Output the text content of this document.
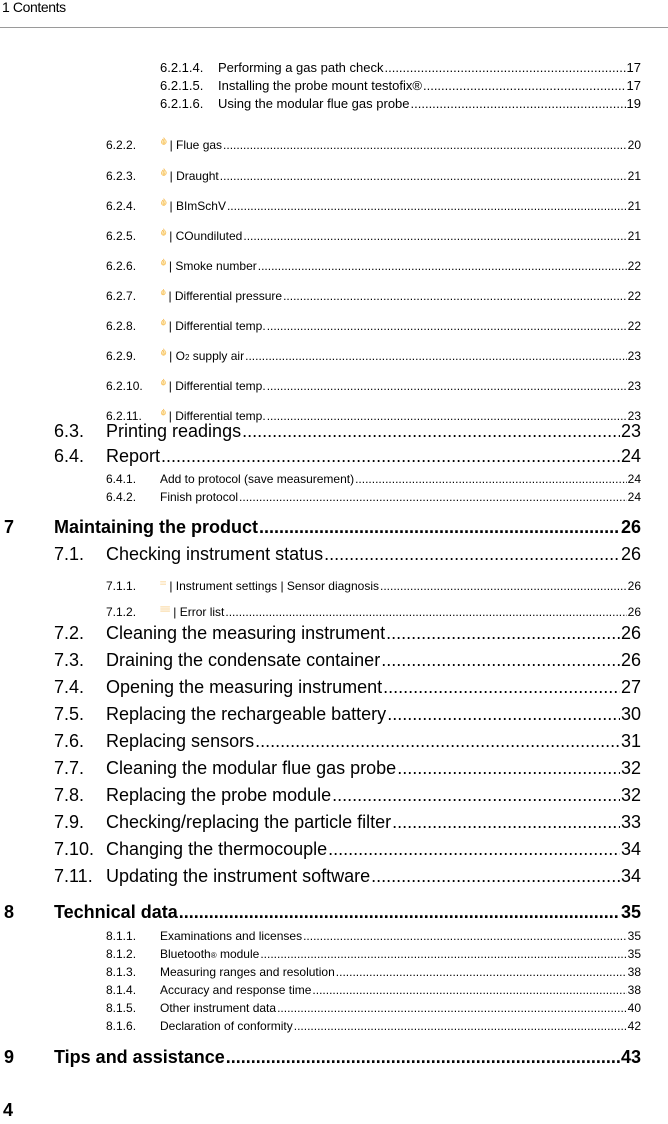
1 Contents
6.2.1.4.	Performing a gas path check .....	17
6.2.1.5.	Installing the probe mount testofix® .....	17
6.2.1.6.	Using the modular flue gas probe .....	19
6.2.2.	| Flue gas .....	20
6.2.3.	| Draught .....	21
6.2.4.	| BImSchV .....	21
6.2.5.	| COundiluted .....	21
6.2.6.	| Smoke number .....	22
6.2.7.	| Differential pressure .....	22
6.2.8.	| Differential temp. .....	22
6.2.9.	| O 2 supply air .....	23
6.2.10.	| Differential temp. .....	23
6.2.11.	| Differential temp. .....	23
6.3.	Printing readings .....	23
6.4.	Report .....	24
6.4.1.	Add to protocol (save measurement) .....	24
6.4.2.	Finish protocol .....	24
7	Maintaining the product .....	26
7.1.	Checking instrument status .....	26
7.1.1.	| Instrument settings | Sensor diagnosis .....	26
7.1.2.	| Error list .....	26
7.2.	Cleaning the measuring instrument .....	26
7.3.	Draining the condensate container .....	26
7.4.	Opening the measuring instrument .....	27
7.5.	Replacing the rechargeable battery .....	30
7.6.	Replacing sensors .....	31
7.7.	Cleaning the modular flue gas probe .....	32
7.8.	Replacing the probe module .....	32
7.9.	Checking/replacing the particle filter .....	33
7.10. Changing the thermocouple .....	34
7.11. Updating the instrument software .....	34
8	Technical data .....	35
8.1.1.	Examinations and licenses .....	35
8.1.2.	Bluetooth ® module .....	35
8.1.3.	Measuring ranges and resolution .....	38
8.1.4.	Accuracy and response time .....	38
8.1.5.	Other instrument data .....	40
8.1.6.	Declaration of conformity .....	42
9	Tips and assistance .....	43
4
